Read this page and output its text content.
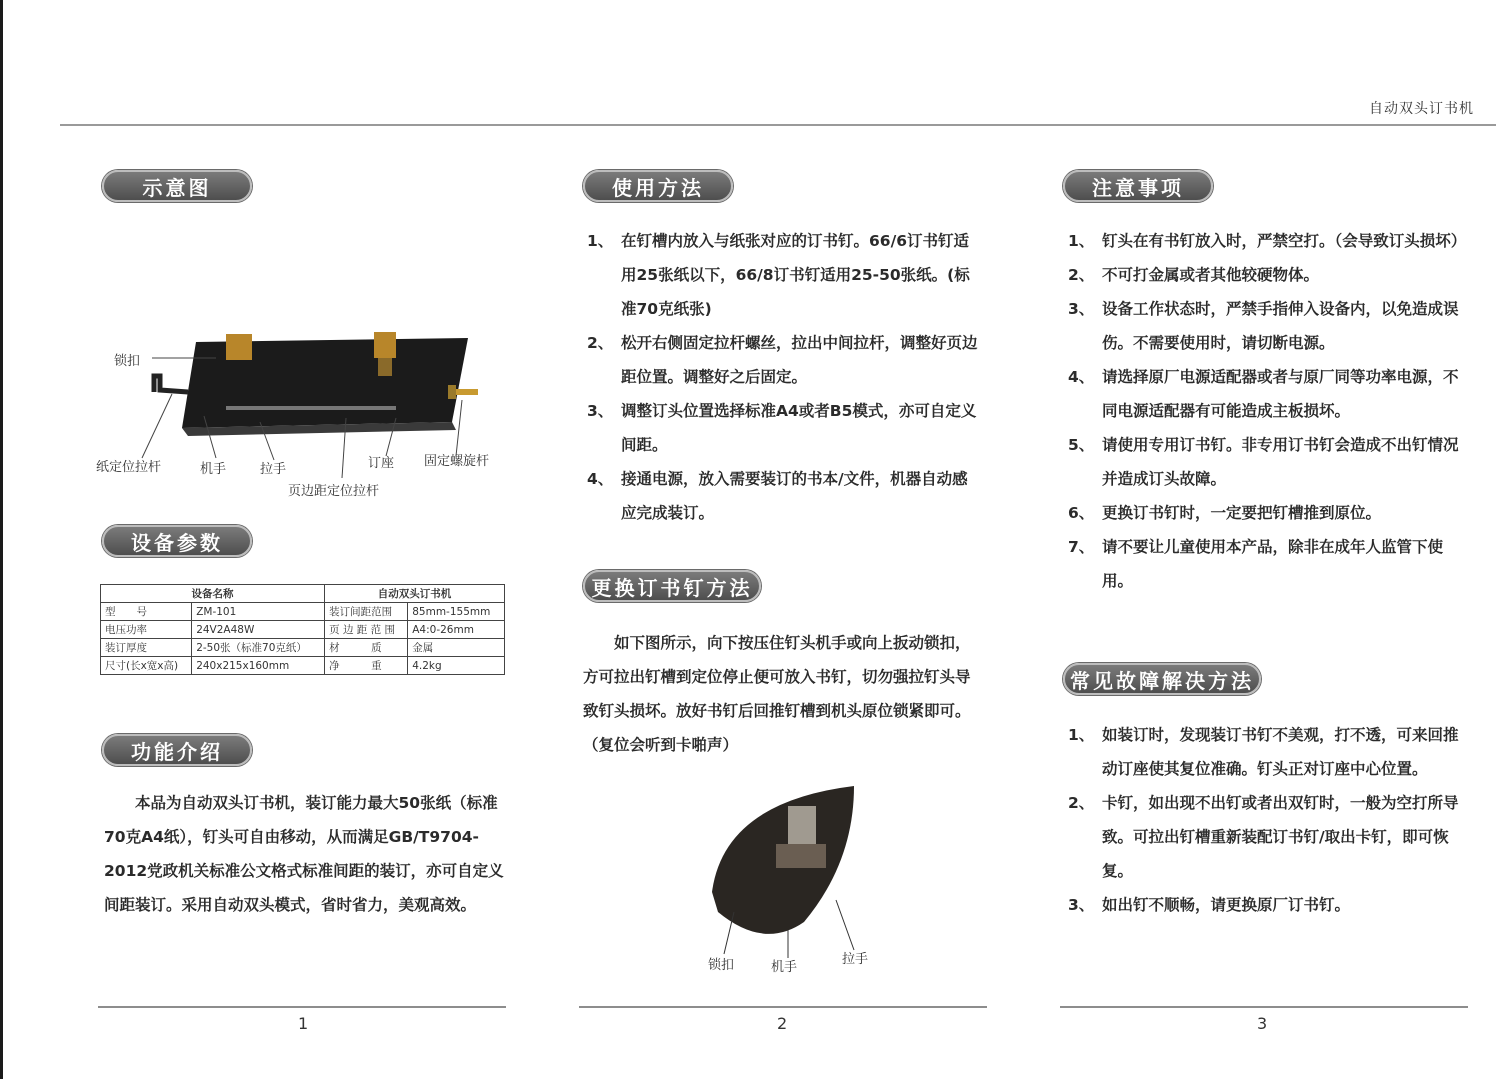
自动双头订书机
示意图
锁扣
纸定位拉杆	机手	拉手	订座 固定螺旋杆
页边距定位拉杆
设备参数
设备名称		自动双头订书机	
型　　号	ZM-101	装订间距范围	85mm-155mm
电压功率	24V2A48W	页 边 距 范 围	A4:0-26mm
装订厚度	2-50张（标准70克纸）	材　　　质	金属
尺寸(长x宽x高)	240x215x160mm	净　　　重	4.2kg
功能介绍
本品为自动双头订书机，装订能力最大50张纸（标准70克A4纸），钉头可自由移动，从而满足GB/T9704-2012党政机关标准公文格式标准间距的装订，亦可自定义间距装订。采用自动双头模式，省时省力，美观高效。
1
使用方法
1、 在钉槽内放入与纸张对应的订书钉。66/6订书钉适用25张纸以下，66/8订书钉适用25-50张纸。(标准70克纸张)
2、 松开右侧固定拉杆螺丝，拉出中间拉杆，调整好页边距位置。调整好之后固定。
3、 调整订头位置选择标准A4或者B5模式，亦可自定义间距。
4、 接通电源，放入需要装订的书本/文件，机器自动感应完成装订。
更换订书钉方法
如下图所示，向下按压住钉头机手或向上扳动锁扣，方可拉出钉槽到定位停止便可放入书钉，切勿强拉钉头导致钉头损坏。放好书钉后回推钉槽到机头原位锁紧即可。（复位会听到卡啪声）
锁扣	机手
拉手
2
注意事项
1、 钉头在有书钉放入时，严禁空打。（会导致订头损坏）
2、 不可打金属或者其他较硬物体。
3、 设备工作状态时，严禁手指伸入设备内，以免造成误伤。不需要使用时，请切断电源。
4、 请选择原厂电源适配器或者与原厂同等功率电源，不同电源适配器有可能造成主板损坏。
5、 请使用专用订书钉。非专用订书钉会造成不出钉情况并造成订头故障。
6、 更换订书钉时，一定要把钉槽推到原位。
7、 请不要让儿童使用本产品，除非在成年人监管下使用。
常见故障解决方法
1、 如装订时，发现装订书钉不美观，打不透，可来回推动订座使其复位准确。钉头正对订座中心位置。
2、 卡钉，如出现不出钉或者出双钉时，一般为空打所导致。可拉出钉槽重新装配订书钉/取出卡钉，即可恢复。
3、 如出钉不顺畅，请更换原厂订书钉。
3
